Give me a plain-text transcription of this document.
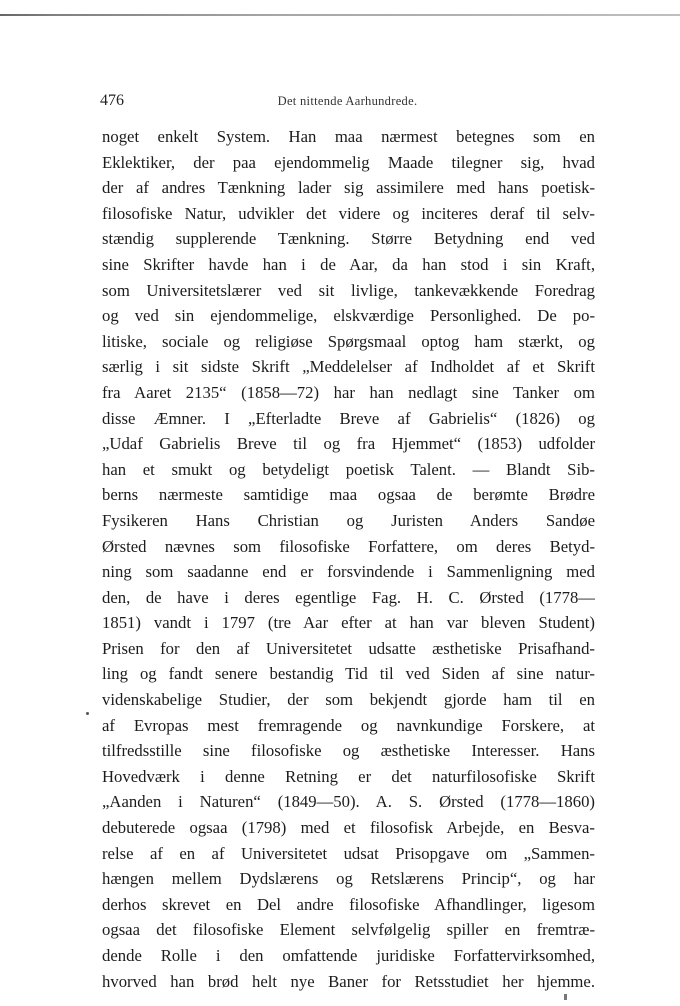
476	Det nittende Aarhundrede.
noget enkelt System. Han maa nærmest betegnes som en
Eklektiker, der paa ejendommelig Maade tilegner sig, hvad
der af andres Tænkning lader sig assimilere med hans poetisk-
filosofiske Natur, udvikler det videre og inciteres deraf til selv-
stændig supplerende Tænkning. Større Betydning end ved
sine Skrifter havde han i de Aar, da han stod i sin Kraft,
som Universitetslærer ved sit livlige, tankevækkende Foredrag
og ved sin ejendommelige, elskværdige Personlighed. De po-
litiske, sociale og religiøse Spørgsmaal optog ham stærkt, og
særlig i sit sidste Skrift „Meddelelser af Indholdet af et Skrift
fra Aaret 2135“ (1858—72) har han nedlagt sine Tanker om
disse Æmner. I „Efterladte Breve af Gabrielis“ (1826) og
„Udaf Gabrielis Breve til og fra Hjemmet“ (1853) udfolder
han et smukt og betydeligt poetisk Talent. — Blandt Sib-
berns nærmeste samtidige maa ogsaa de berømte Brødre
Fysikeren Hans Christian og Juristen Anders Sandøe
Ørsted nævnes som filosofiske Forfattere, om deres Betyd-
ning som saadanne end er forsvindende i Sammenligning med
den, de have i deres egentlige Fag. H. C. Ørsted (1778—
1851) vandt i 1797 (tre Aar efter at han var bleven Student)
Prisen for den af Universitetet udsatte æsthetiske Prisafhand-
ling og fandt senere bestandig Tid til ved Siden af sine natur-
videnskabelige Studier, der som bekjendt gjorde ham til en
af Evropas mest fremragende og navnkundige Forskere, at
tilfredsstille sine filosofiske og æsthetiske Interesser. Hans
Hovedværk i denne Retning er det naturfilosofiske Skrift
„Aanden i Naturen“ (1849—50). A. S. Ørsted (1778—1860)
debuterede ogsaa (1798) med et filosofisk Arbejde, en Besva-
relse af en af Universitetet udsat Prisopgave om „Sammen-
hængen mellem Dydslærens og Retslærens Princip“, og har
derhos skrevet en Del andre filosofiske Afhandlinger, ligesom
ogsaa det filosofiske Element selvfølgelig spiller en fremtræ-
dende Rolle i den omfattende juridiske Forfattervirksomhed,
hvorved han brød helt nye Baner for Retsstudiet her hjemme.
